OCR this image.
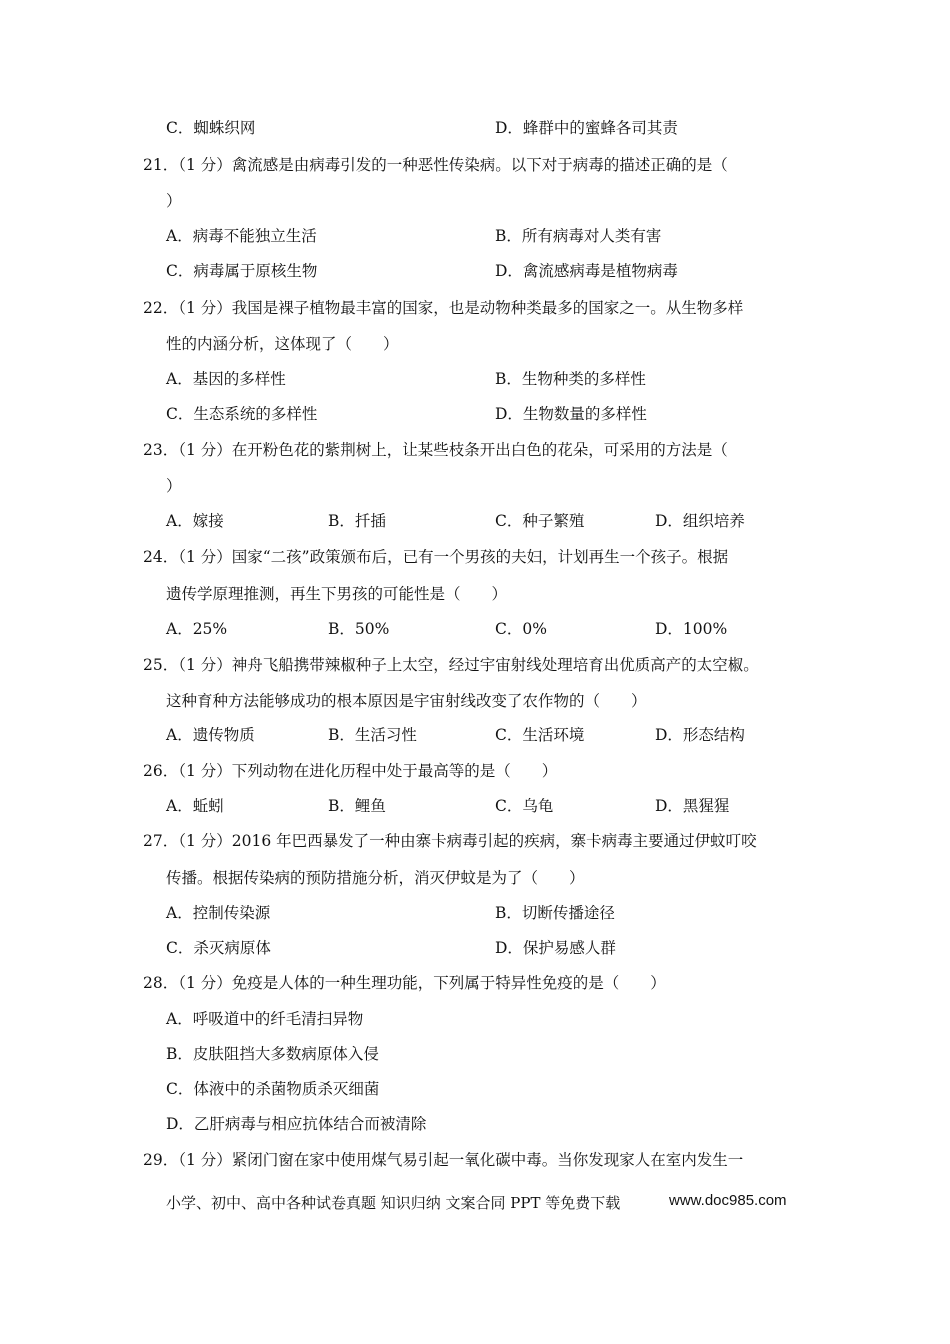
C．蜘蛛织网	D．蜂群中的蜜蜂各司其责
21．（1 分）禽流感是由病毒引发的一种恶性传染病。以下对于病毒的描述正确的是（
）
A．病毒不能独立生活	B．所有病毒对人类有害
C．病毒属于原核生物	D．禽流感病毒是植物病毒
22．（1 分）我国是裸子植物最丰富的国家，也是动物种类最多的国家之一。从生物多样
性的内涵分析，这体现了（　　）
A．基因的多样性	B．生物种类的多样性
C．生态系统的多样性	D．生物数量的多样性
23．（1 分）在开粉色花的紫荆树上，让某些枝条开出白色的花朵，可采用的方法是（
）
A．嫁接	B．扦插	C．种子繁殖	D．组织培养
24．（1 分）国家“二孩”政策颁布后，已有一个男孩的夫妇，计划再生一个孩子。根据
遗传学原理推测，再生下男孩的可能性是（　　）
A．25%	B．50%	C．0%	D．100%
25．（1 分）神舟飞船携带辣椒种子上太空，经过宇宙射线处理培育出优质高产的太空椒。
这种育种方法能够成功的根本原因是宇宙射线改变了农作物的（　　）
A．遗传物质	B．生活习性	C．生活环境	D．形态结构
26．（1 分）下列动物在进化历程中处于最高等的是（　　）
A．蚯蚓	B．鲤鱼	C．乌龟	D．黑猩猩
27．（1 分）2016 年巴西暴发了一种由寨卡病毒引起的疾病，寨卡病毒主要通过伊蚊叮咬
传播。根据传染病的预防措施分析，消灭伊蚊是为了（　　）
A．控制传染源	B．切断传播途径
C．杀灭病原体	D．保护易感人群
28．（1 分）免疫是人体的一种生理功能，下列属于特异性免疫的是（　　）
A．呼吸道中的纤毛清扫异物
B．皮肤阻挡大多数病原体入侵
C．体液中的杀菌物质杀灭细菌
D．乙肝病毒与相应抗体结合而被清除
29．（1 分）紧闭门窗在家中使用煤气易引起一氧化碳中毒。当你发现家人在室内发生一
小学、初中、高中各种试卷真题 知识归纳 文案合同 PPT 等免费下载	www.doc985.com
